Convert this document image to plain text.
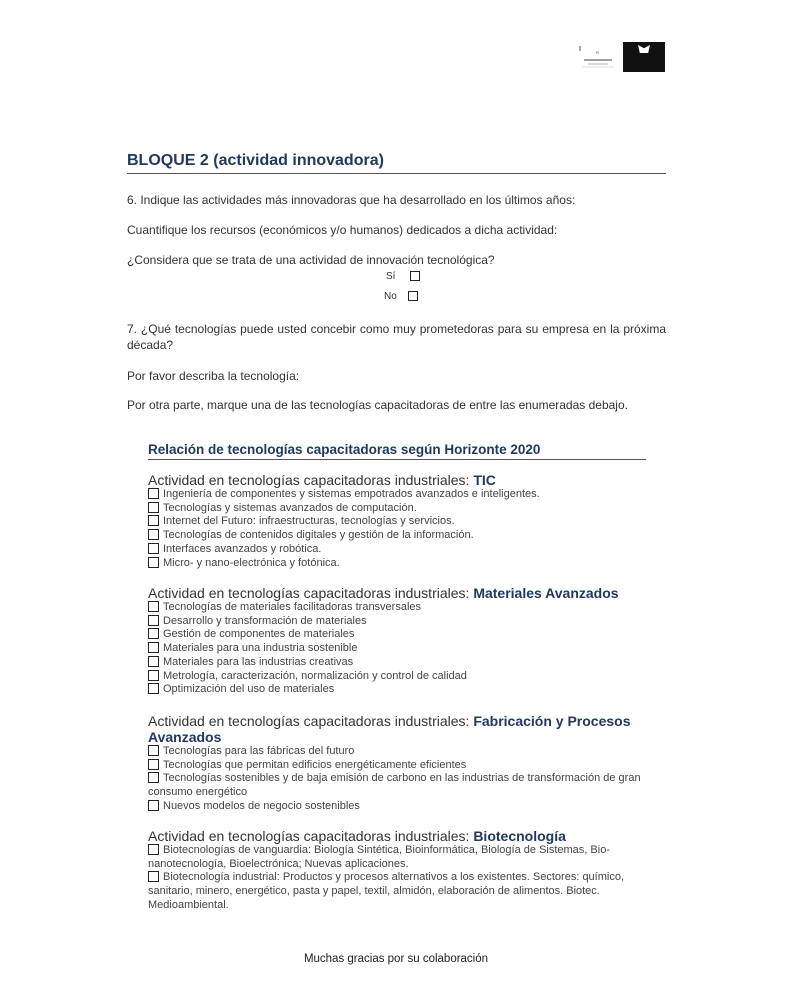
R
BLOQUE 2 (actividad innovadora)
6. Indique las actividades más innovadoras que ha desarrollado en los últimos años:
Cuantifique los recursos (económicos y/o humanos) dedicados a dicha actividad:
¿Considera que se trata de una actividad de innovación tecnológica?
Sí
No
7. ¿Qué tecnologías puede usted concebir como muy prometedoras para su empresa en la próxima década?
Por favor describa la tecnología:
Por otra parte, marque una de las tecnologías capacitadoras de entre las enumeradas debajo.
Relación de tecnologías capacitadoras según Horizonte 2020
Actividad en tecnologías capacitadoras industriales: TIC
Ingeniería de componentes y sistemas empotrados avanzados e inteligentes.
Tecnologías y sistemas avanzados de computación.
Internet del Futuro: infraestructuras, tecnologías y servicios.
Tecnologías de contenidos digitales y gestión de la información.
Interfaces avanzados y robótica.
Micro- y nano-electrónica y fotónica.
Actividad en tecnologías capacitadoras industriales: Materiales Avanzados
Tecnologías de materiales facilitadoras transversales
Desarrollo y transformación de materiales
Gestión de componentes de materiales
Materiales para una industria sostenible
Materiales para las industrias creativas
Metrología, caracterización, normalización y control de calidad
Optimización del uso de materiales
Actividad en tecnologías capacitadoras industriales: Fabricación y Procesos Avanzados
Tecnologías para las fábricas del futuro
Tecnologías que permitan edificios energéticamente eficientes
Tecnologías sostenibles y de baja emisión de carbono en las industrias de transformación de gran consumo energético
Nuevos modelos de negocio sostenibles
Actividad en tecnologías capacitadoras industriales: Biotecnología
Biotecnologías de vanguardia: Biología Sintética, Bioinformática, Biología de Sistemas, Bio-nanotecnología, Bioelectrónica; Nuevas aplicaciones.
Biotecnología industrial: Productos y procesos alternativos a los existentes. Sectores: químico, sanitario, minero, energético, pasta y papel, textil, almidón, elaboración de alimentos. Biotec. Medioambiental.
Muchas gracias por su colaboración
